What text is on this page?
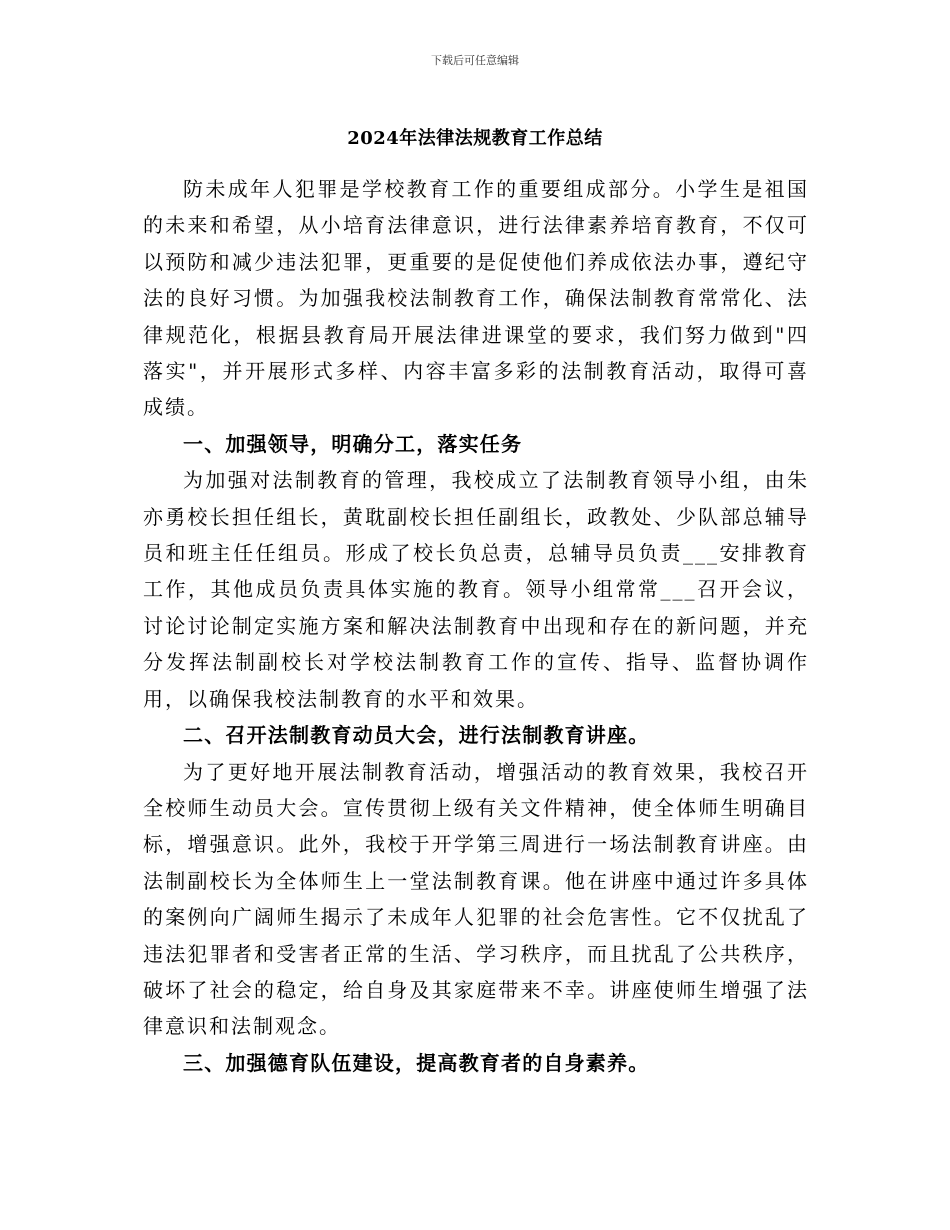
下载后可任意编辑
2024年法律法规教育工作总结

防未成年人犯罪是学校教育工作的重要组成部分。小学生是祖国的未来和希望，从小培育法律意识，进行法律素养培育教育，不仅可以预防和减少违法犯罪，更重要的是促使他们养成依法办事，遵纪守法的良好习惯。为加强我校法制教育工作，确保法制教育常常化、法律规范化，根据县教育局开展法律进课堂的要求，我们努力做到"四落实"，并开展形式多样、内容丰富多彩的法制教育活动，取得可喜成绩。

一、加强领导，明确分工，落实任务

为加强对法制教育的管理，我校成立了法制教育领导小组，由朱亦勇校长担任组长，黄耽副校长担任副组长，政教处、少队部总辅导员和班主任任组员。形成了校长负总责，总辅导员负责___安排教育工作，其他成员负责具体实施的教育。领导小组常常___召开会议，讨论讨论制定实施方案和解决法制教育中出现和存在的新问题，并充分发挥法制副校长对学校法制教育工作的宣传、指导、监督协调作用，以确保我校法制教育的水平和效果。

二、召开法制教育动员大会，进行法制教育讲座。

为了更好地开展法制教育活动，增强活动的教育效果，我校召开全校师生动员大会。宣传贯彻上级有关文件精神，使全体师生明确目标，增强意识。此外，我校于开学第三周进行一场法制教育讲座。由法制副校长为全体师生上一堂法制教育课。他在讲座中通过许多具体的案例向广阔师生揭示了未成年人犯罪的社会危害性。它不仅扰乱了违法犯罪者和受害者正常的生活、学习秩序，而且扰乱了公共秩序，破坏了社会的稳定，给自身及其家庭带来不幸。讲座使师生增强了法律意识和法制观念。

三、加强德育队伍建设，提高教育者的自身素养。
